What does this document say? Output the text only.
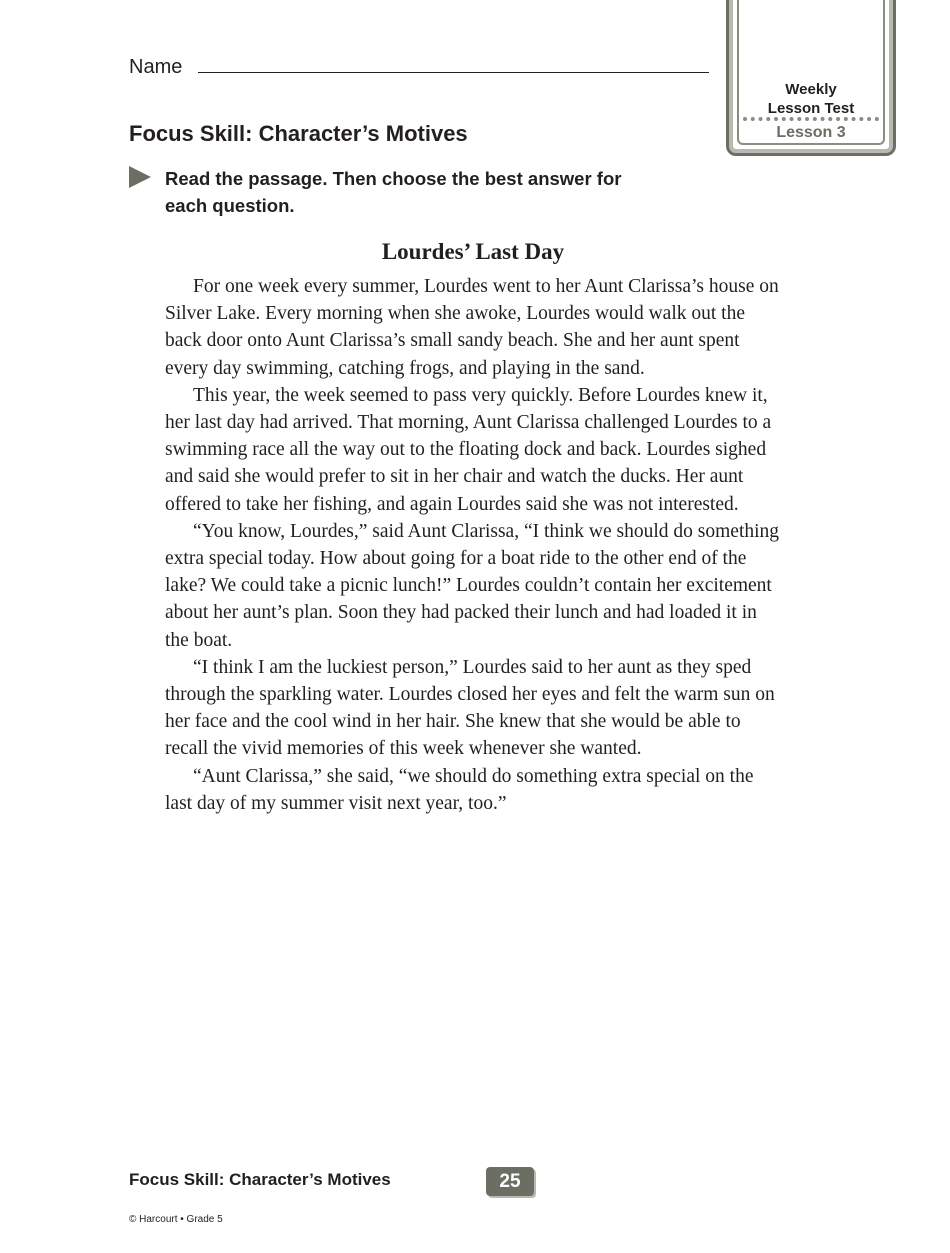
Name
Weekly
Lesson Test
Lesson 3
Focus Skill: Character’s Motives
Read the passage. Then choose the best answer for
each question.
Lourdes’ Last Day

For one week every summer, Lourdes went to her Aunt Clarissa’s house on Silver Lake. Every morning when she awoke, Lourdes would walk out the back door onto Aunt Clarissa’s small sandy beach. She and her aunt spent every day swimming, catching frogs, and playing in the sand.

This year, the week seemed to pass very quickly. Before Lourdes knew it, her last day had arrived. That morning, Aunt Clarissa challenged Lourdes to a swimming race all the way out to the floating dock and back. Lourdes sighed and said she would prefer to sit in her chair and watch the ducks. Her aunt offered to take her fishing, and again Lourdes said she was not interested.

“You know, Lourdes,” said Aunt Clarissa, “I think we should do something extra special today. How about going for a boat ride to the other end of the lake? We could take a picnic lunch!” Lourdes couldn’t contain her excitement about her aunt’s plan. Soon they had packed their lunch and had loaded it in the boat.

“I think I am the luckiest person,” Lourdes said to her aunt as they sped through the sparkling water. Lourdes closed her eyes and felt the warm sun on her face and the cool wind in her hair. She knew that she would be able to recall the vivid memories of this week whenever she wanted.

“Aunt Clarissa,” she said, “we should do something extra special on the last day of my summer visit next year, too.”

Focus Skill: Character’s Motives	25
© Harcourt • Grade 5
